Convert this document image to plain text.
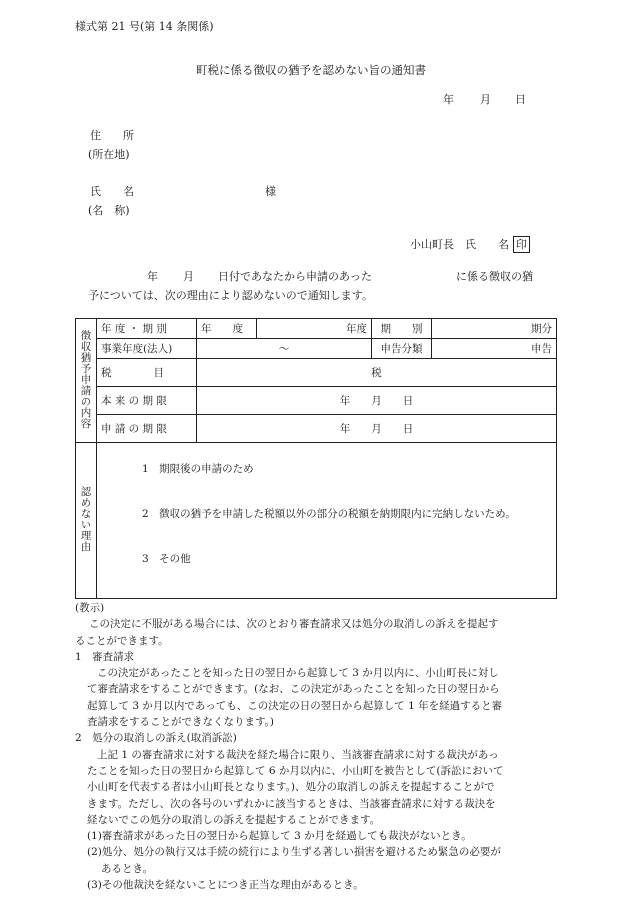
様式第 21 号(第 14 条関係)
町税に係る徴収の猶予を認めない旨の通知書
年 月 日
住　　所
(所在地)
氏　　名	様
(名　称)
小山町長　氏　　名 印
年 月 日付であなたから申請のあった	に係る徴収の猶
予については、次の理由により認めないので通知します。
徴収猶予申請の内容	年 度 ・ 期 別	年　　度	年度	期　　別	期分
	事業年度(法人)	～		申告分類	申告
	税　　　　目	税			
	本 来 の 期 限	年　　月　　日			
	申 請 の 期 限	年　　月　　日			
認めない理由	1　期限後の申請のため
2　徴収の猶予を申請した税額以外の部分の税額を納期限内に完納しないため。
3　その他				

(教示)

この決定に不服がある場合には、次のとおり審査請求又は処分の取消しの訴えを提起す

ることができます。

1　審査請求

この決定があったことを知った日の翌日から起算して 3 か月以内に、小山町長に対し

て審査請求をすることができます。(なお、この決定があったことを知った日の翌日から

起算して 3 か月以内であっても、この決定の日の翌日から起算して 1 年を経過すると審

査請求をすることができなくなります。)

2　処分の取消しの訴え(取消訴訟)

上記 1 の審査請求に対する裁決を経た場合に限り、当該審査請求に対する裁決があっ

たことを知った日の翌日から起算して 6 か月以内に、小山町を被告として(訴訟において

小山町を代表する者は小山町長となります。)、処分の取消しの訴えを提起することがで

きます。ただし、次の各号のいずれかに該当するときは、当該審査請求に対する裁決を

経ないでこの処分の取消しの訴えを提起することができます。

(1)審査請求があった日の翌日から起算して 3 か月を経過しても裁決がないとき。

(2)処分、処分の執行又は手続の続行により生ずる著しい損害を避けるため緊急の必要が

あるとき。

(3)その他裁決を経ないことにつき正当な理由があるとき。
